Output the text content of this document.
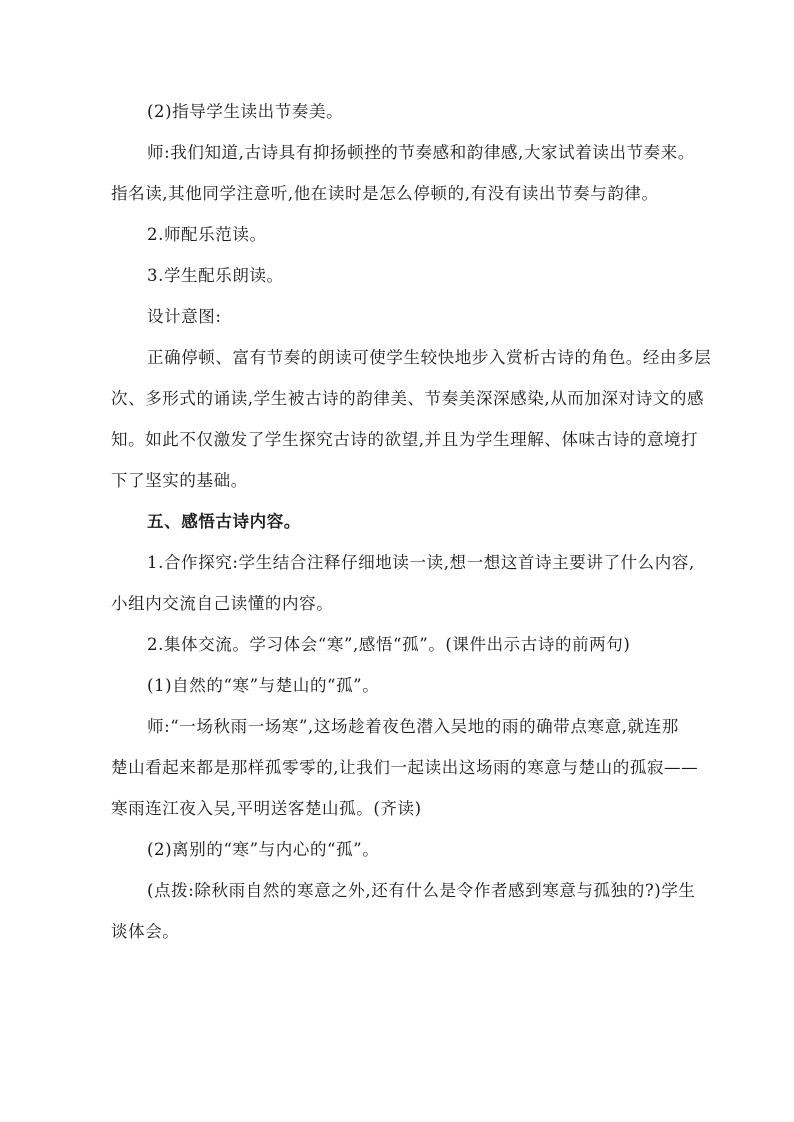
(2)指导学生读出节奏美。
师:我们知道,古诗具有抑扬顿挫的节奏感和韵律感,大家试着读出节奏来。
指名读,其他同学注意听,他在读时是怎么停顿的,有没有读出节奏与韵律。
2.师配乐范读。
3.学生配乐朗读。
设计意图:
正确停顿、富有节奏的朗读可使学生较快地步入赏析古诗的角色。经由多层
次、多形式的诵读,学生被古诗的韵律美、节奏美深深感染,从而加深对诗文的感
知。如此不仅激发了学生探究古诗的欲望,并且为学生理解、体味古诗的意境打
下了坚实的基础。
五、感悟古诗内容。
1.合作探究:学生结合注释仔细地读一读,想一想这首诗主要讲了什么内容,
小组内交流自己读懂的内容。
2.集体交流。学习体会“寒”,感悟“孤”。(课件出示古诗的前两句)
(1)自然的“寒”与楚山的“孤”。
师:“一场秋雨一场寒”,这场趁着夜色潜入吴地的雨的确带点寒意,就连那
楚山看起来都是那样孤零零的,让我们一起读出这场雨的寒意与楚山的孤寂——
寒雨连江夜入吴,平明送客楚山孤。(齐读)
(2)离别的“寒”与内心的“孤”。
(点拨:除秋雨自然的寒意之外,还有什么是令作者感到寒意与孤独的?)学生
谈体会。
